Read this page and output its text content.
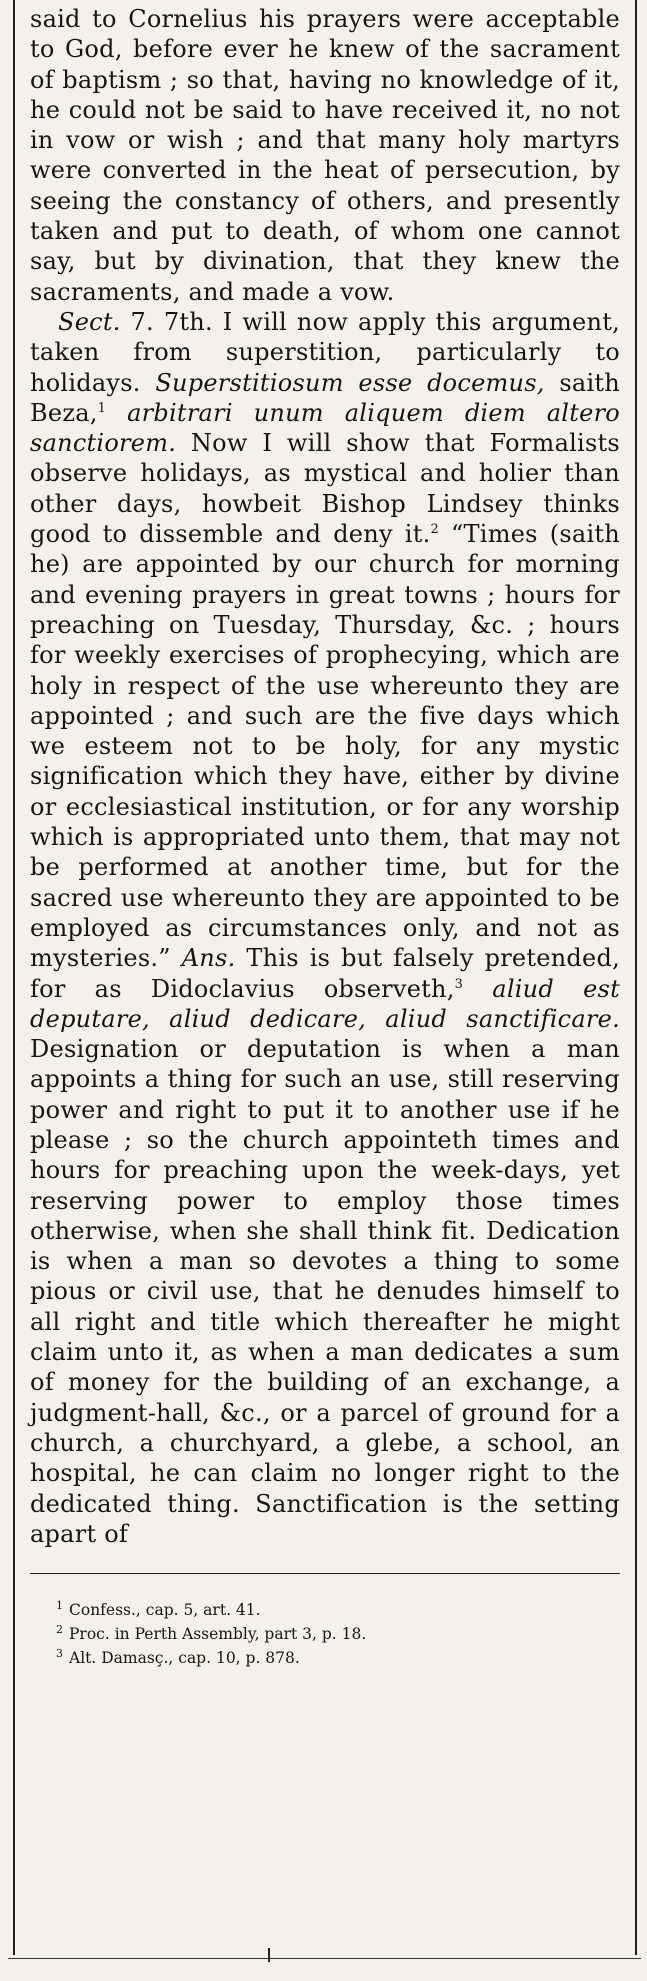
said to Cornelius his prayers were acceptable to God, before ever he knew of the sacrament of baptism ; so that, having no knowledge of it, he could not be said to have received it, no not in vow or wish ; and that many holy martyrs were converted in the heat of persecution, by seeing the constancy of others, and presently taken and put to death, of whom one cannot say, but by divination, that they knew the sacraments, and made a vow.

Sect. 7. 7th. I will now apply this argument, taken from superstition, particularly to holidays. Superstitiosum esse docemus, saith Beza,$^1$ arbitrari unum aliquem diem altero sanctiorem. Now I will show that Formalists observe holidays, as mystical and holier than other days, howbeit Bishop Lindsey thinks good to dissemble and deny it.$^2$ “Times (saith he) are appointed by our church for morning and evening prayers in great towns ; hours for preaching on Tuesday, Thursday, &c. ; hours for weekly exercises of prophecying, which are holy in respect of the use whereunto they are appointed ; and such are the five days which we esteem not to be holy, for any mystic signification which they have, either by divine or ecclesiastical institution, or for any worship which is appropriated unto them, that may not be performed at another time, but for the sacred use whereunto they are appointed to be employed as circumstances only, and not as mysteries.” Ans. This is but falsely pretended, for as Didoclavius observeth,$^3$ aliud est deputare, aliud dedicare, aliud sanctificare. Designation or deputation is when a man appoints a thing for such an use, still reserving power and right to put it to another use if he please ; so the church appointeth times and hours for preaching upon the week-days, yet reserving power to employ those times otherwise, when she shall think fit. Dedication is when a man so devotes a thing to some pious or civil use, that he denudes himself to all right and title which thereafter he might claim unto it, as when a man dedicates a sum of money for the building of an exchange, a judgment-hall, &c., or a parcel of ground for a church, a churchyard, a glebe, a school, an hospital, he can claim no longer right to the dedicated thing. Sanctification is the setting apart of

$^1$ Confess., cap. 5, art. 41.

$^2$ Proc. in Perth Assembly, part 3, p. 18.

$^3$ Alt. Damasç., cap. 10, p. 878.
